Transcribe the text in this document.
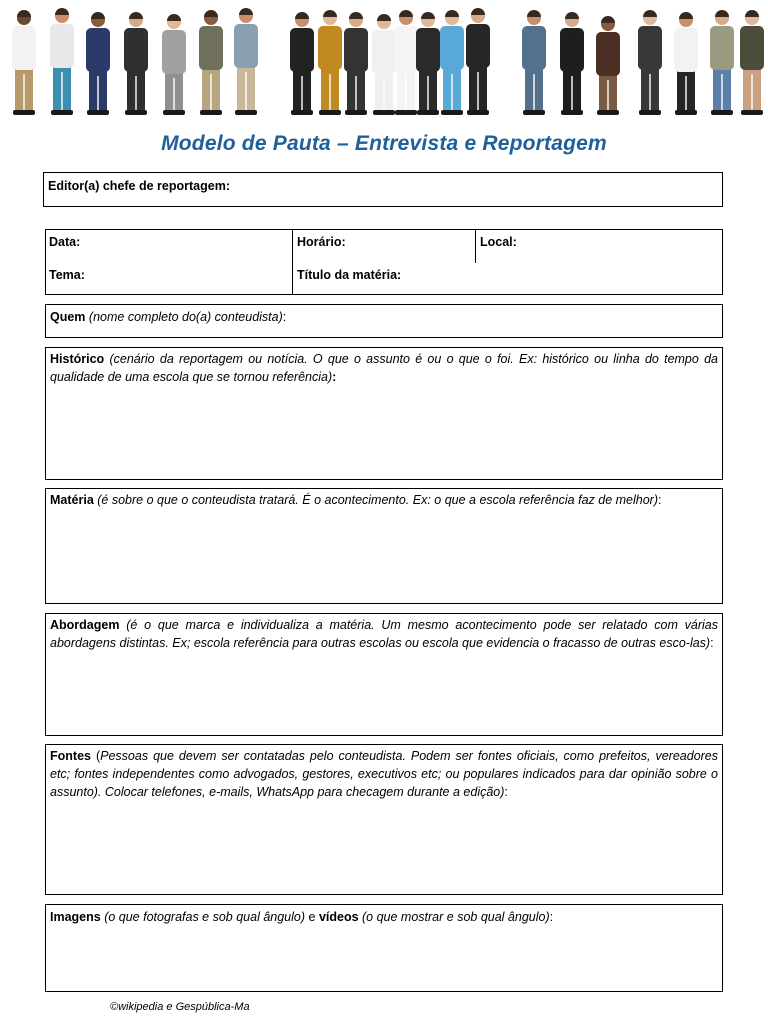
Modelo de Pauta – Entrevista e Reportagem
Editor(a) chefe de reportagem:
Data:	Horário:	Local:
Tema:	Título da matéria:
Quem (nome completo do(a) conteudista):
Histórico (cenário da reportagem ou notícia. O que o assunto é ou o que o foi. Ex: histórico ou linha do tempo da qualidade de uma escola que se tornou referência):
Matéria (é sobre o que o conteudista tratará. É o acontecimento. Ex: o que a escola referência faz de melhor):
Abordagem (é o que marca e individualiza a matéria. Um mesmo acontecimento pode ser relatado com várias abordagens distintas. Ex; escola referência para outras escolas ou escola que evidencia o fracasso de outras esco-las):
Fontes (Pessoas que devem ser contatadas pelo conteudista. Podem ser fontes oficiais, como prefeitos, vereadores etc; fontes independentes como advogados, gestores, executivos etc; ou populares indicados para dar opinião sobre o assunto). Colocar telefones, e-mails, WhatsApp para checagem durante a edição):
Imagens (o que fotografas e sob qual ângulo) e vídeos (o que mostrar e sob qual ângulo):
©wikipedia e Gespública-Ma
